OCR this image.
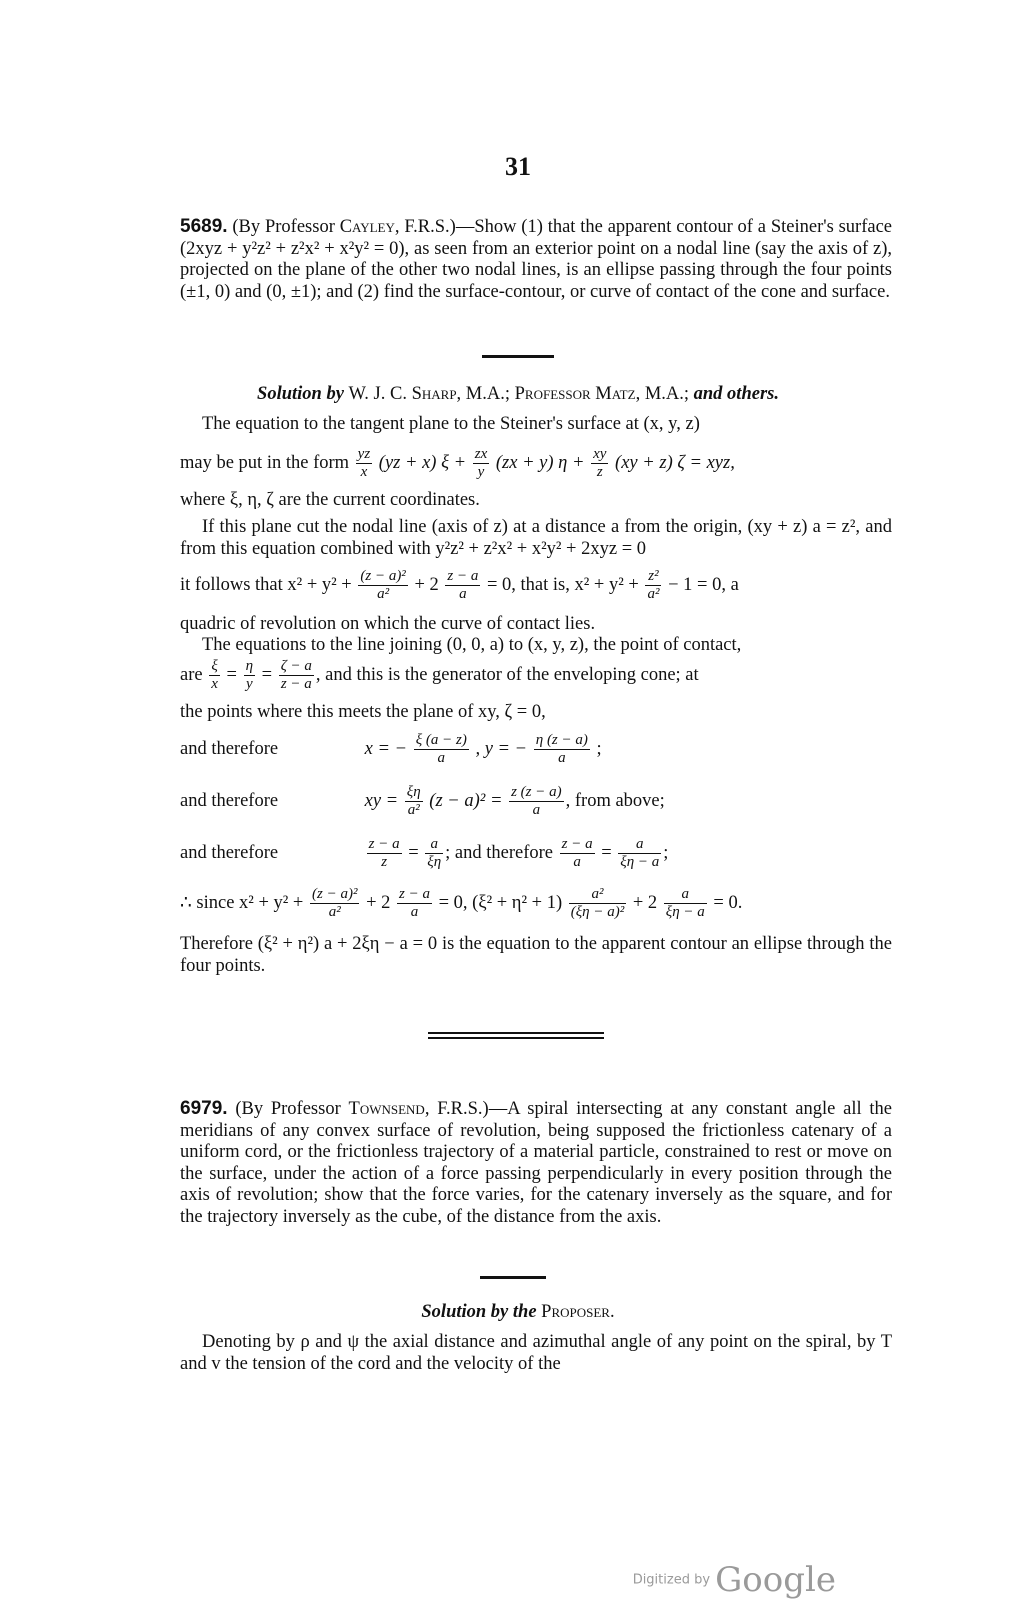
31

5689. (By Professor Cayley, F.R.S.)—Show (1) that the apparent contour of a Steiner's surface (2xyz + y²z² + z²x² + x²y² = 0), as seen from an exterior point on a nodal line (say the axis of z), projected on the plane of the other two nodal lines, is an ellipse passing through the four points (±1, 0) and (0, ±1); and (2) find the surface-contour, or curve of contact of the cone and surface.

Solution by W. J. C. Sharp, M.A.; Professor Matz, M.A.; and others.
The equation to the tangent plane to the Steiner's surface at (x, y, z)
may be put in the form $\frac{yz}{x} (yz + x) \xi + \frac{zx}{y} (zx + y) \eta + \frac{xy}{z} (xy + z) \zeta$ = xyz,
where ξ, η, ζ are the current coordinates.

If this plane cut the nodal line (axis of z) at a distance a from the origin, (xy + z) a = z², and from this equation combined with y²z² + z²x² + x²y² + 2xyz = 0

it follows that $x^2 + y^2 + \frac{\text{(z − a)²}}{\text{a²}} + 2 \frac{z - a}{a} = 0$, that is, $x^2 + y^2 + \frac{\text{z²}}{\text{a²}} - 1 = 0$, a
quadric of revolution on which the curve of contact lies.
The equations to the line joining (0, 0, a) to (x, y, z), the point of contact,
are $\frac{\xi}{x} = \frac{\eta}{y} = \frac{\zeta - a}{z - a}$ , and this is the generator of the enveloping cone; at
the points where this meets the plane of xy, ζ = 0,
and therefore	x = − $\frac{\xi (a - z)}{a}$ , y = − $\frac{\eta (z - a)}{a}$ ;
and therefore	xy = $\frac{\xi\eta}{\text{a²}} (z - a)^2 = \frac{z (z - a)}{a}$ , from above;
and therefore	$\frac{z - a}{z} = \frac{a}{\xi\eta}$ ; and therefore $\frac{z - a}{a} = \frac{a}{\xi\eta - a}$ ;
∴ since $x^2 + y^2 + \frac{\text{(z − a)²}}{\text{a²}} + 2 \frac{z - a}{a} = 0$, $(\xi^2 + \eta^2 + 1) \frac{\text{a²}}{\text{(ξη − a)²}} + 2 \frac{a}{\xi\eta - a} = 0$.

Therefore (ξ² + η²) a + 2ξη − a = 0 is the equation to the apparent contour an ellipse through the four points.

6979. (By Professor Townsend, F.R.S.)—A spiral intersecting at any constant angle all the meridians of any convex surface of revolution, being supposed the frictionless catenary of a uniform cord, or the frictionless trajectory of a material particle, constrained to rest or move on the surface, under the action of a force passing perpendicularly in every position through the axis of revolution; show that the force varies, for the catenary inversely as the square, and for the trajectory inversely as the cube, of the distance from the axis.

Solution by the Proposer.

Denoting by ρ and ψ the axial distance and azimuthal angle of any point on the spiral, by T and v the tension of the cord and the velocity of the

Digitized by Google
